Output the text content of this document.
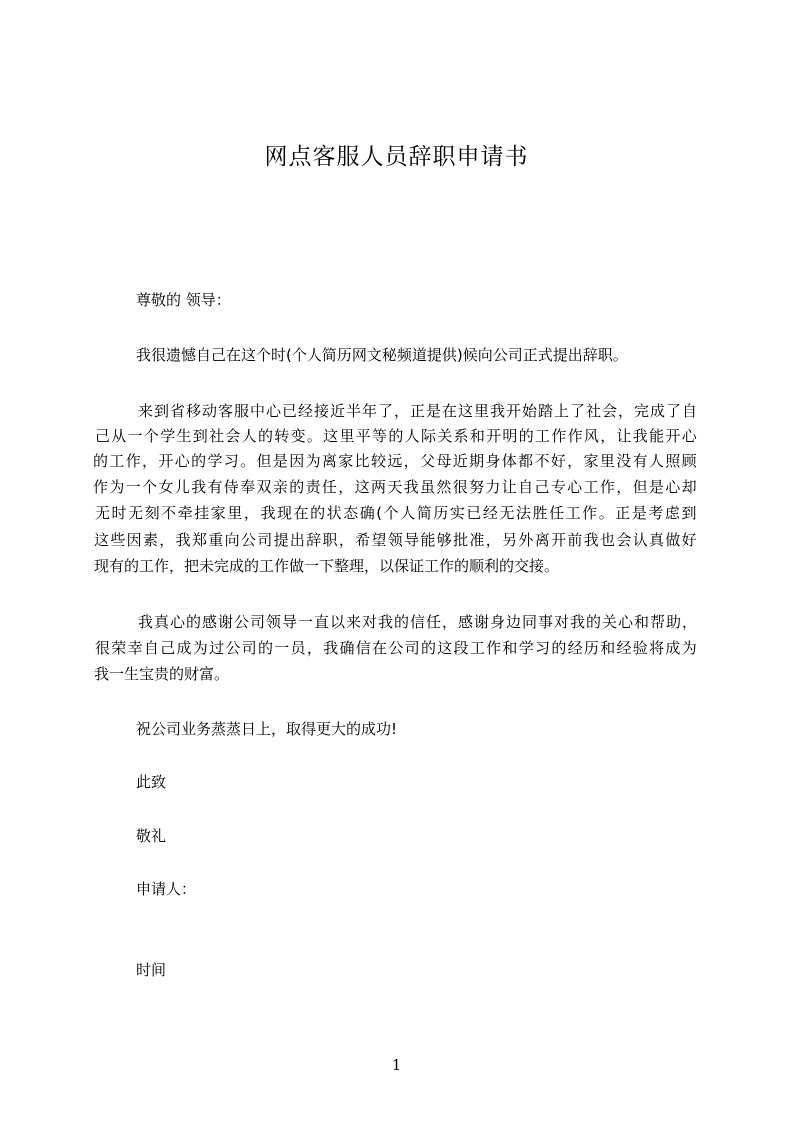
网点客服人员辞职申请书
尊敬的 领导：
我很遗憾自己在这个时(个人简历网文秘频道提供)候向公司正式提出辞职。
来到省移动客服中心已经接近半年了，正是在这里我开始踏上了社会，完成了自
己从一个学生到社会人的转变。这里平等的人际关系和开明的工作作风，让我能开心
的工作，开心的学习。但是因为离家比较远，父母近期身体都不好，家里没有人照顾
作为一个女儿我有侍奉双亲的责任，这两天我虽然很努力让自己专心工作，但是心却
无时无刻不牵挂家里，我现在的状态确(个人简历实已经无法胜任工作。正是考虑到
这些因素，我郑重向公司提出辞职，希望领导能够批准，另外离开前我也会认真做好
现有的工作，把未完成的工作做一下整理，以保证工作的顺利的交接。
我真心的感谢公司领导一直以来对我的信任，感谢身边同事对我的关心和帮助，
很荣幸自己成为过公司的一员，我确信在公司的这段工作和学习的经历和经验将成为
我一生宝贵的财富。
祝公司业务蒸蒸日上，取得更大的成功!
此致
敬礼
申请人：
时间
1
